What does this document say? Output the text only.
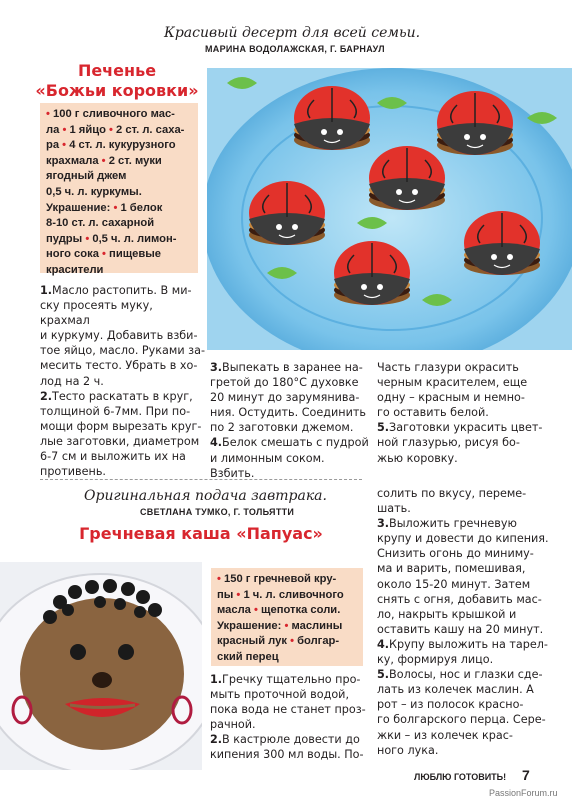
Красивый десерт для всей семьи.
МАРИНА ВОДОЛАЖСКАЯ, Г. БАРНАУЛ
Печенье
«Божьи коровки»
• 100 г сливочного мас-
ла • 1 яйцо • 2 ст. л. саха-
ра • 4 ст. л. кукурузного
крахмала • 2 ст. муки
ягодный джем
0,5 ч. л. куркумы.
Украшение: • 1 белок
8-10 ст. л. сахарной
пудры • 0,5 ч. л. лимон-
ного сока • пищевые
красители

1.Масло растопить. В ми-
ску просеять муку, крахмал
и куркуму. Добавить взби-
тое яйцо, масло. Руками за-
месить тесто. Убрать в хо-
лод на 2 ч.

2.Тесто раскатать в круг,
толщиной 6-7мм. При по-
мощи форм вырезать круг-
лые заготовки, диаметром
6-7 см и выложить их на
противень.

3.Выпекать в заранее на-
гретой до 180°С духовке
20 минут до зарумянива-
ния. Остудить. Соединить
по 2 заготовки джемом.

4.Белок смешать с пудрой
и лимонным соком. Взбить.

Часть глазури окрасить
черным красителем, еще
одну – красным и немно-
го оставить белой.

5.Заготовки украсить цвет-
ной глазурью, рисуя бо-
жью коровку.

Оригинальная подача завтрака.
СВЕТЛАНА ТУМКО, Г. ТОЛЬЯТТИ
Гречневая каша «Папуас»
• 150 г гречневой кру-
пы • 1 ч. л. сливочного
масла • щепотка соли.
Украшение: • маслины
красный лук • болгар-
ский перец

1.Гречку тщательно про-
мыть проточной водой,
пока вода не станет проз-
рачной.

2.В кастрюле довести до
кипения 300 мл воды. По-

солить по вкусу, переме-
шать.

3.Выложить гречневую
крупу и довести до кипения.
Снизить огонь до миниму-
ма и варить, помешивая,
около 15-20 минут. Затем
снять с огня, добавить мас-
ло, накрыть крышкой и
оставить кашу на 20 минут.

4.Крупу выложить на тарел-
ку, формируя лицо.

5.Волосы, нос и глазки сде-
лать из колечек маслин. А
рот – из полосок красно-
го болгарского перца. Сере-
жки – из колечек крас-
ного лука.

ЛЮБЛЮ ГОТОВИТЬ! 7
PassionForum.ru
